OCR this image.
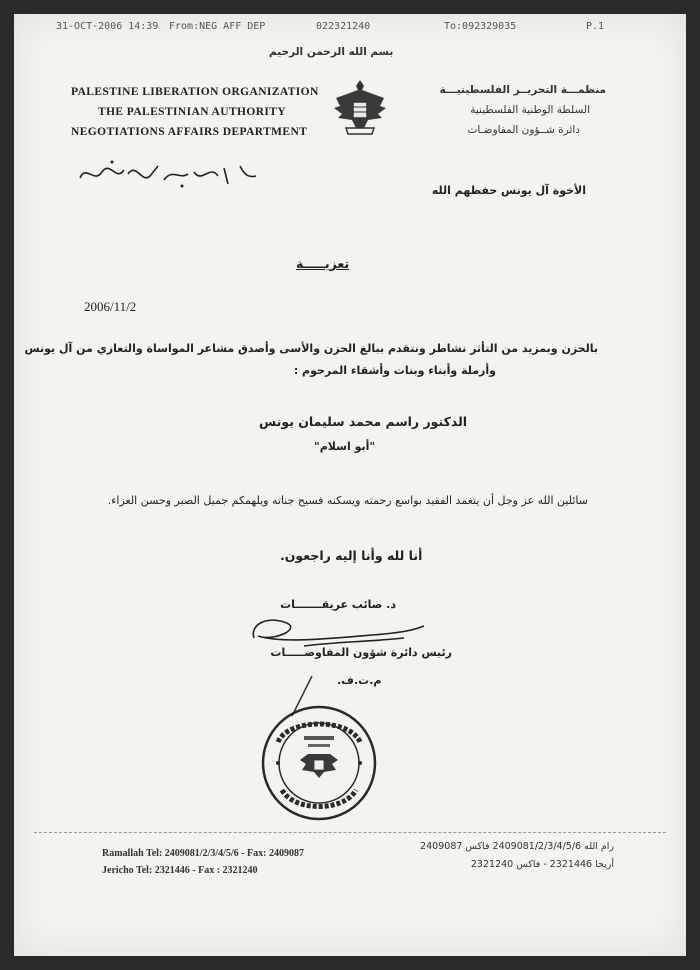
31-OCT-2006 14:39 From:NEG AFF DEP	022321240	To:092329035	P.1
بسم الله الرحمن الرحيم
PALESTINE LIBERATION ORGANIZATION
THE PALESTINIAN AUTHORITY
NEGOTIATIONS AFFAIRS DEPARTMENT
منظمـــة التحريــر الفلسطينيـــة
السلطة الوطنية الفلسطينية
دائرة شــؤون المفاوضـات
الأخوة آل يونس حفظهم الله
تعزيـــــة
2006/11/2
بالحزن وبمزيد من التأثر نشاطر ونتقدم ببالغ الحزن والأسى وأصدق مشاعر المواساة والتعازي من آل يونس
وأرملة وأبناء وبنات وأشقاء المرحوم :
الدكتور راسم محمد سليمان يونس
"أبو اسلام"
سائلين الله عز وجل أن يتغمد الفقيد بواسع رحمته ويسكنه فسيح جناته ويلهمكم جميل الصبر وحسن العزاء.
أنا لله وأنا إليه راجعون.
د. صائب عريقـــــــات
رئيس دائرة شؤون المفاوضـــــات
م.ت.ف.
Ramallah Tel: 2409081/2/3/4/5/6 - Fax: 2409087
Jericho Tel: 2321446 - Fax : 2321240
رام الله 2409081/2/3/4/5/6 فاكس 2409087
أريحا 2321446 - فاكس 2321240
